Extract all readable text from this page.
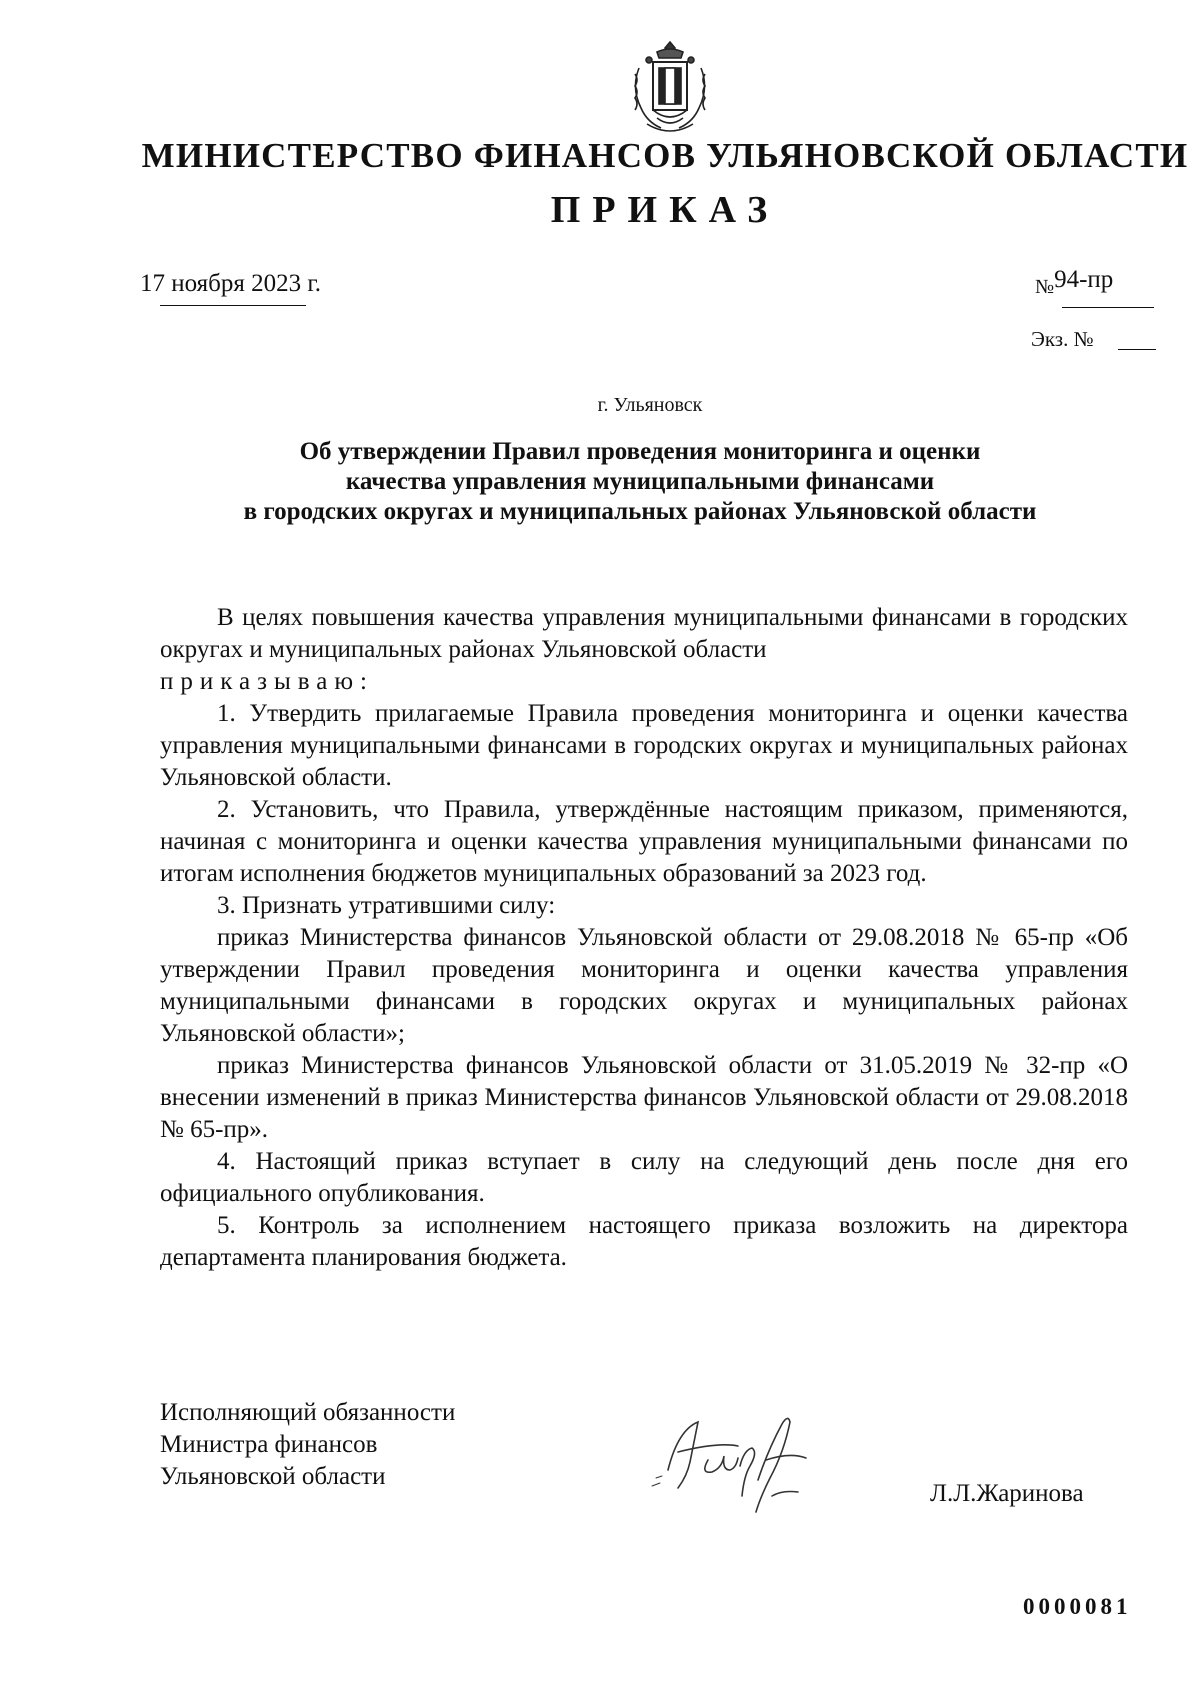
МИНИСТЕРСТВО ФИНАНСОВ УЛЬЯНОВСКОЙ ОБЛАСТИ
ПРИКАЗ
17 ноября 2023 г.	$_№$94-пр
Экз. №
г. Ульяновск
Об утверждении Правил проведения мониторинга и оценки
качества управления муниципальными финансами
в городских округах и муниципальных районах Ульяновской области

В целях повышения качества управления муниципальными финансами в городских округах и муниципальных районах Ульяновской области

приказываю:

1. Утвердить прилагаемые Правила проведения мониторинга и оценки качества управления муниципальными финансами в городских округах и муниципальных районах Ульяновской области.

2. Установить, что Правила, утверждённые настоящим приказом, применяются, начиная с мониторинга и оценки качества управления муниципальными финансами по итогам исполнения бюджетов муниципальных образований за 2023 год.

3. Признать утратившими силу:

приказ Министерства финансов Ульяновской области от 29.08.2018 № 65-пр «Об утверждении Правил проведения мониторинга и оценки качества управления муниципальными финансами в городских округах и муниципальных районах Ульяновской области»;

приказ Министерства финансов Ульяновской области от 31.05.2019 № 32-пр «О внесении изменений в приказ Министерства финансов Ульяновской области от 29.08.2018 № 65-пр».

4. Настоящий приказ вступает в силу на следующий день после дня его официального опубликования.

5. Контроль за исполнением настоящего приказа возложить на директора департамента планирования бюджета.

Исполняющий обязанности
Министра финансов
Ульяновской области
Л.Л.Жаринова
0000081
